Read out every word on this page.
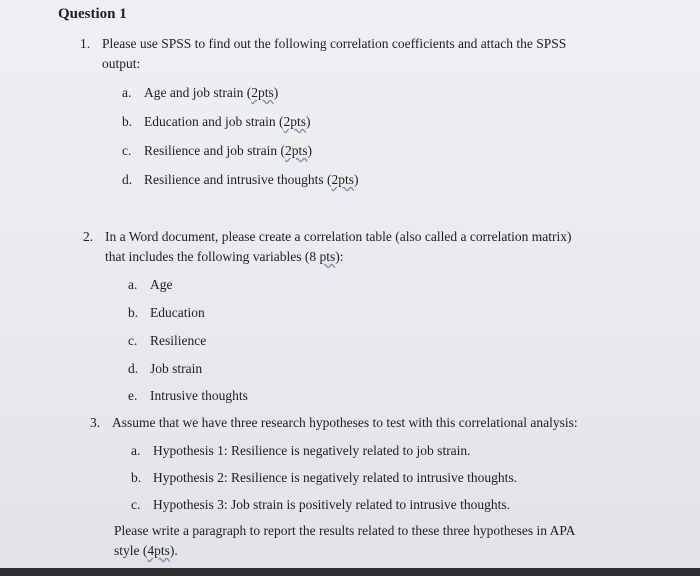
Question 1
1. Please use SPSS to find out the following correlation coefficients and attach the SPSS
output:
a. Age and job strain (2pts)
b. Education and job strain (2pts)
c. Resilience and job strain (2pts)
d. Resilience and intrusive thoughts (2pts)
2. In a Word document, please create a correlation table (also called a correlation matrix)
that includes the following variables (8 pts):
a. Age
b. Education
c. Resilience
d. Job strain
e. Intrusive thoughts
3. Assume that we have three research hypotheses to test with this correlational analysis:
a. Hypothesis 1: Resilience is negatively related to job strain.
b. Hypothesis 2: Resilience is negatively related to intrusive thoughts.
c. Hypothesis 3: Job strain is positively related to intrusive thoughts.
Please write a paragraph to report the results related to these three hypotheses in APA
style (4pts).
